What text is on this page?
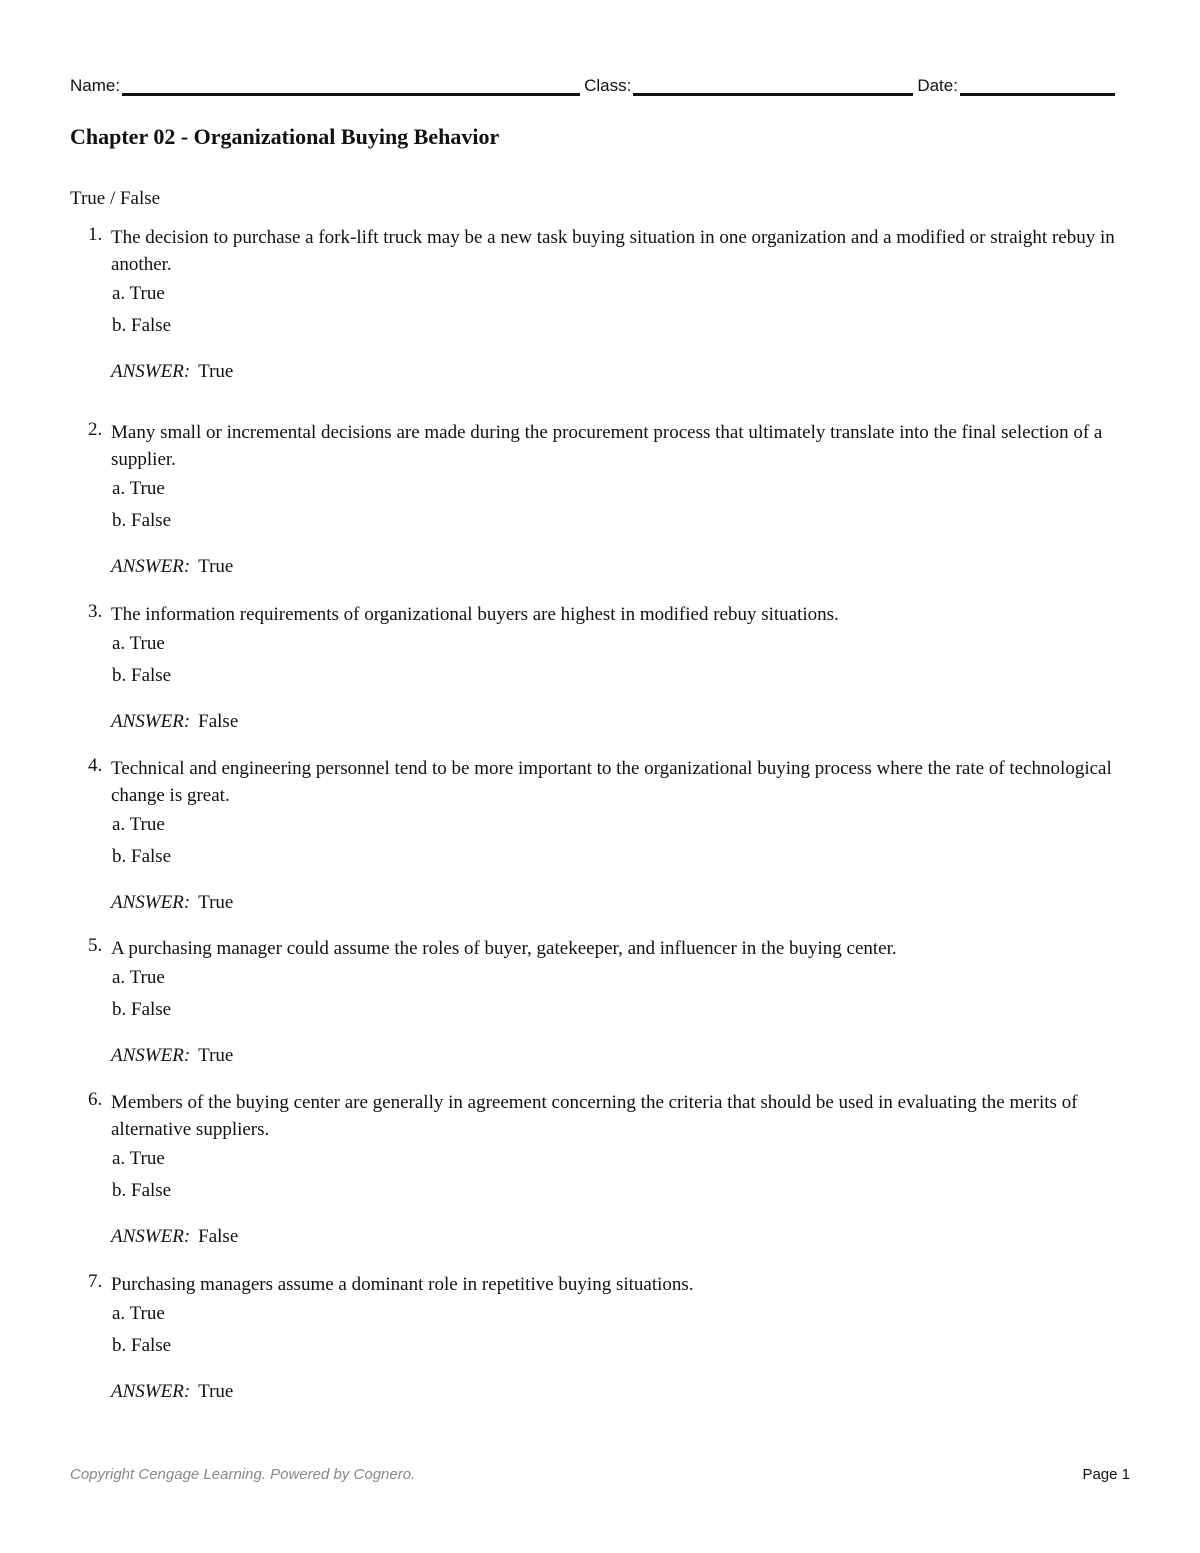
Name:	Class:	Date:
Chapter 02 - Organizational Buying Behavior
True / False
1. The decision to purchase a fork-lift truck may be a new task buying situation in one organization and a modified or straight rebuy in another.
a. True
b. False
ANSWER: True
2. Many small or incremental decisions are made during the procurement process that ultimately translate into the final selection of a supplier.
a. True
b. False
ANSWER: True
3. The information requirements of organizational buyers are highest in modified rebuy situations.
a. True
b. False
ANSWER: False
4. Technical and engineering personnel tend to be more important to the organizational buying process where the rate of technological change is great.
a. True
b. False
ANSWER: True
5. A purchasing manager could assume the roles of buyer, gatekeeper, and influencer in the buying center.
a. True
b. False
ANSWER: True
6. Members of the buying center are generally in agreement concerning the criteria that should be used in evaluating the merits of alternative suppliers.
a. True
b. False
ANSWER: False
7. Purchasing managers assume a dominant role in repetitive buying situations.
a. True
b. False
ANSWER: True
Copyright Cengage Learning. Powered by Cognero.	Page 1
